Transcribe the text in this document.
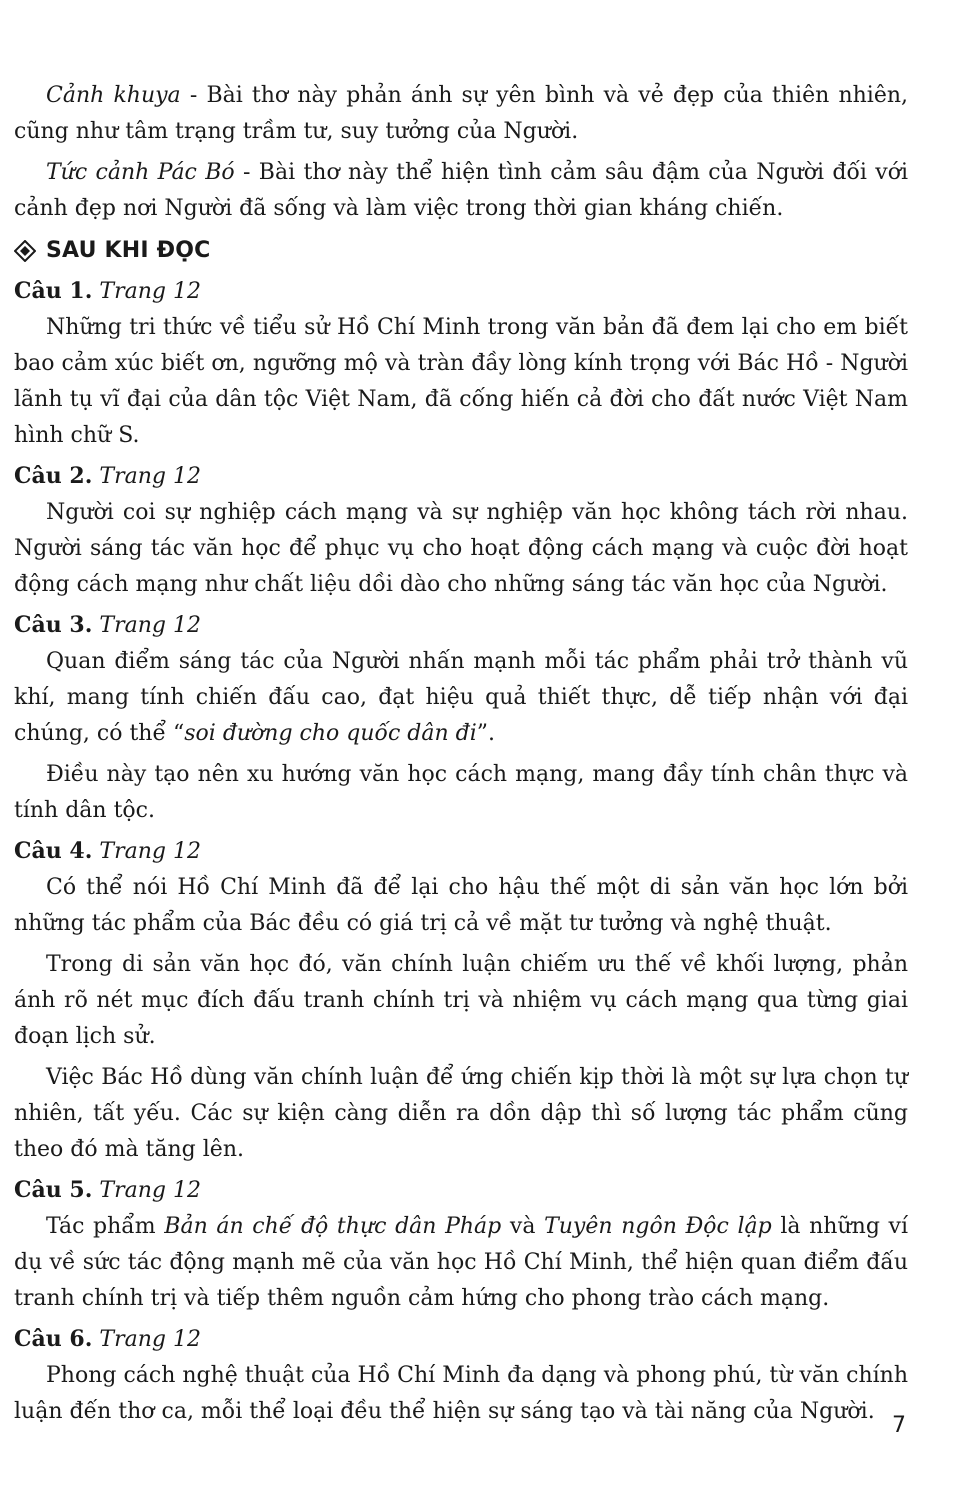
Cảnh khuya - Bài thơ này phản ánh sự yên bình và vẻ đẹp của thiên nhiên, cũng như tâm trạng trầm tư, suy tưởng của Người.

Tức cảnh Pác Bó - Bài thơ này thể hiện tình cảm sâu đậm của Người đối với cảnh đẹp nơi Người đã sống và làm việc trong thời gian kháng chiến.

SAU KHI ĐỌC
Câu 1. Trang 12

Những tri thức về tiểu sử Hồ Chí Minh trong văn bản đã đem lại cho em biết bao cảm xúc biết ơn, ngưỡng mộ và tràn đầy lòng kính trọng với Bác Hồ - Người lãnh tụ vĩ đại của dân tộc Việt Nam, đã cống hiến cả đời cho đất nước Việt Nam hình chữ S.

Câu 2. Trang 12

Người coi sự nghiệp cách mạng và sự nghiệp văn học không tách rời nhau. Người sáng tác văn học để phục vụ cho hoạt động cách mạng và cuộc đời hoạt động cách mạng như chất liệu dồi dào cho những sáng tác văn học của Người.

Câu 3. Trang 12

Quan điểm sáng tác của Người nhấn mạnh mỗi tác phẩm phải trở thành vũ khí, mang tính chiến đấu cao, đạt hiệu quả thiết thực, dễ tiếp nhận với đại chúng, có thể “soi đường cho quốc dân đi”.

Điều này tạo nên xu hướng văn học cách mạng, mang đầy tính chân thực và tính dân tộc.

Câu 4. Trang 12

Có thể nói Hồ Chí Minh đã để lại cho hậu thế một di sản văn học lớn bởi những tác phẩm của Bác đều có giá trị cả về mặt tư tưởng và nghệ thuật.

Trong di sản văn học đó, văn chính luận chiếm ưu thế về khối lượng, phản ánh rõ nét mục đích đấu tranh chính trị và nhiệm vụ cách mạng qua từng giai đoạn lịch sử.

Việc Bác Hồ dùng văn chính luận để ứng chiến kịp thời là một sự lựa chọn tự nhiên, tất yếu. Các sự kiện càng diễn ra dồn dập thì số lượng tác phẩm cũng theo đó mà tăng lên.

Câu 5. Trang 12

Tác phẩm Bản án chế độ thực dân Pháp và Tuyên ngôn Độc lập là những ví dụ về sức tác động mạnh mẽ của văn học Hồ Chí Minh, thể hiện quan điểm đấu tranh chính trị và tiếp thêm nguồn cảm hứng cho phong trào cách mạng.

Câu 6. Trang 12

Phong cách nghệ thuật của Hồ Chí Minh đa dạng và phong phú, từ văn chính luận đến thơ ca, mỗi thể loại đều thể hiện sự sáng tạo và tài năng của Người.

7
